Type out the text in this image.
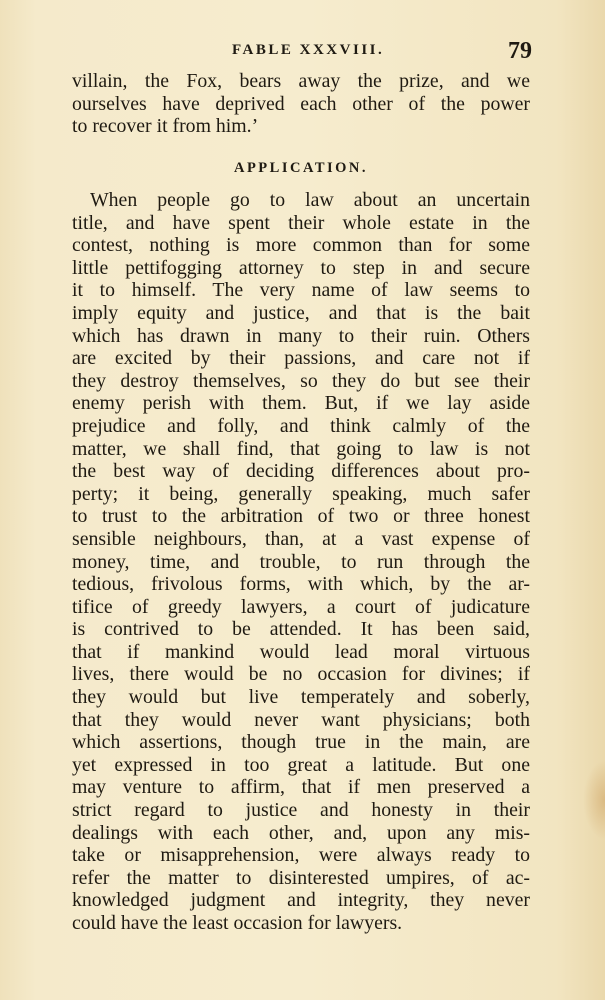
FABLE XXXVIII.	79
villain, the Fox, bears away the prize, and we
ourselves have deprived each other of the power
to recover it from him.’
APPLICATION.
When people go to law about an uncertain
title, and have spent their whole estate in the
contest, nothing is more common than for some
little pettifogging attorney to step in and secure
it to himself. The very name of law seems to
imply equity and justice, and that is the bait
which has drawn in many to their ruin. Others
are excited by their passions, and care not if
they destroy themselves, so they do but see their
enemy perish with them. But, if we lay aside
prejudice and folly, and think calmly of the
matter, we shall find, that going to law is not
the best way of deciding differences about pro-
perty; it being, generally speaking, much safer
to trust to the arbitration of two or three honest
sensible neighbours, than, at a vast expense of
money, time, and trouble, to run through the
tedious, frivolous forms, with which, by the ar-
tifice of greedy lawyers, a court of judicature
is contrived to be attended. It has been said,
that if mankind would lead moral virtuous
lives, there would be no occasion for divines; if
they would but live temperately and soberly,
that they would never want physicians; both
which assertions, though true in the main, are
yet expressed in too great a latitude. But one
may venture to affirm, that if men preserved a
strict regard to justice and honesty in their
dealings with each other, and, upon any mis-
take or misapprehension, were always ready to
refer the matter to disinterested umpires, of ac-
knowledged judgment and integrity, they never
could have the least occasion for lawyers.
